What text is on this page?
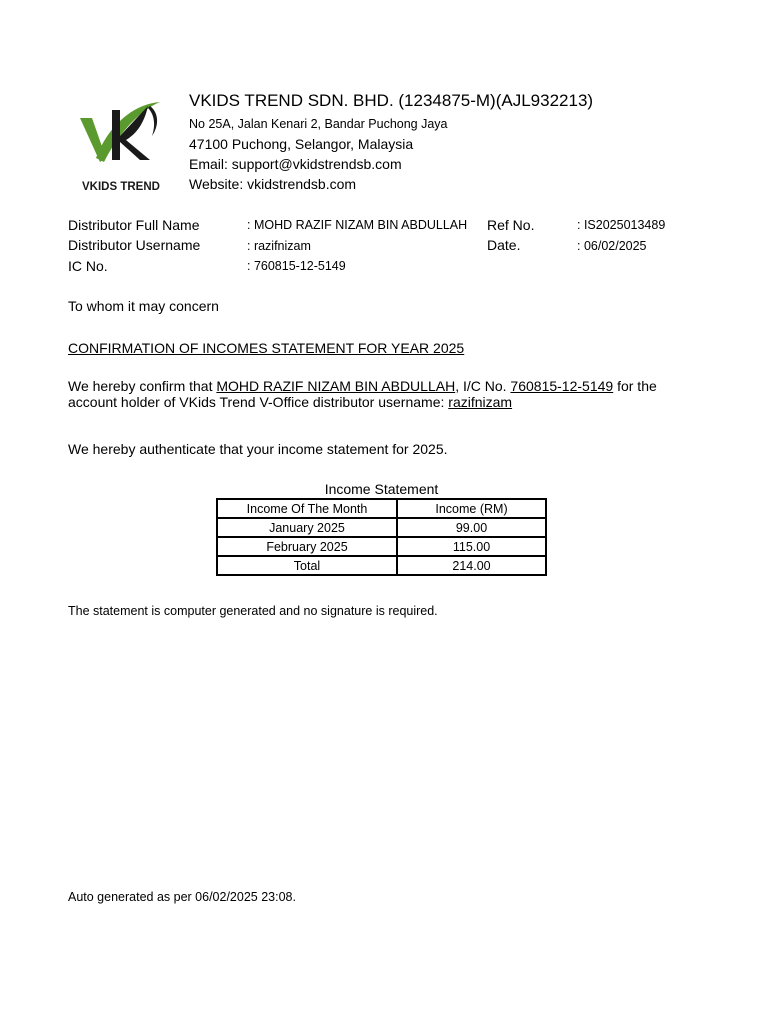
VKIDS TREND
VKIDS TREND SDN. BHD. (1234875-M)(AJL932213)
No 25A, Jalan Kenari 2, Bandar Puchong Jaya
47100 Puchong, Selangor, Malaysia
Email: support@vkidstrendsb.com
Website: vkidstrendsb.com
Distributor Full Name	: MOHD RAZIF NIZAM BIN ABDULLAH
Distributor Username	: razifnizam
IC No.	: 760815-12-5149
Ref No.	: IS2025013489
Date.	: 06/02/2025
To whom it may concern
CONFIRMATION OF INCOMES STATEMENT FOR YEAR 2025
We hereby confirm that MOHD RAZIF NIZAM BIN ABDULLAH, I/C No. 760815-12-5149 for the
account holder of VKids Trend V-Office distributor username: razifnizam
We hereby authenticate that your income statement for 2025.
Income Statement
Income Of The Month	Income (RM)
January 2025	99.00
February 2025	115.00
Total	214.00
The statement is computer generated and no signature is required.
Auto generated as per 06/02/2025 23:08.
